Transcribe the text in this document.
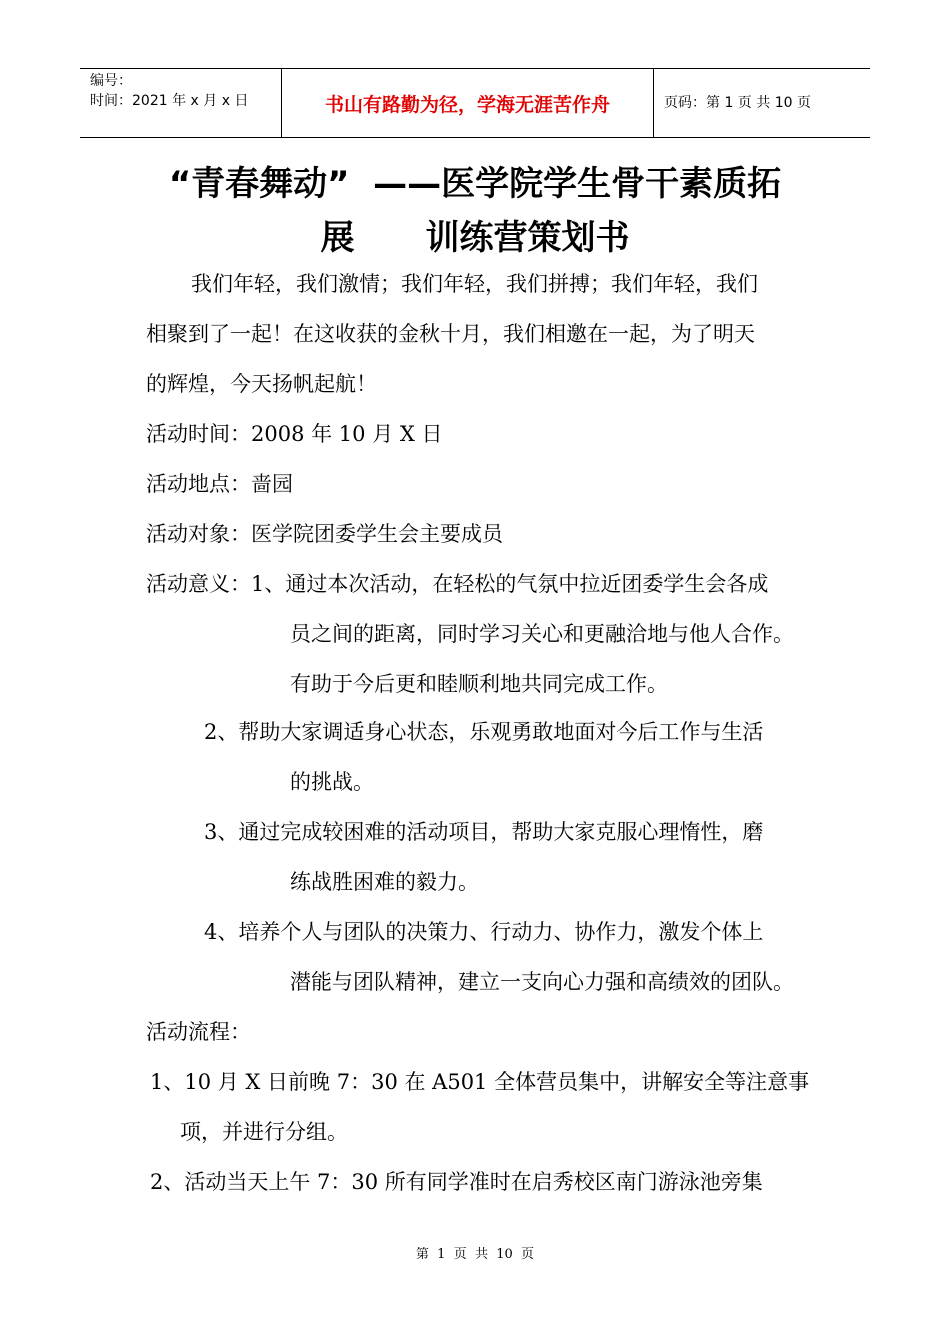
编号：
时间：2021 年 x 月 x 日	书山有路勤为径，学海无涯苦作舟	页码：第 1 页 共 10 页
“青春舞动”  ——医学院学生骨干素质拓
展      训练营策划书
我们年轻，我们激情；我们年轻，我们拼搏；我们年轻，我们
相聚到了一起！在这收获的金秋十月，我们相邀在一起，为了明天
的辉煌，今天扬帆起航！
活动时间：2008 年 10 月 X 日
活动地点：啬园
活动对象：医学院团委学生会主要成员
活动意义：1、通过本次活动，在轻松的气氛中拉近团委学生会各成
员之间的距离，同时学习关心和更融洽地与他人合作。
有助于今后更和睦顺利地共同完成工作。
2、帮助大家调适身心状态，乐观勇敢地面对今后工作与生活
的挑战。
3、通过完成较困难的活动项目，帮助大家克服心理惰性，磨
练战胜困难的毅力。
4、培养个人与团队的决策力、行动力、协作力，激发个体上
潜能与团队精神，建立一支向心力强和高绩效的团队。
活动流程：
1、10 月 X 日前晚 7：30 在 A501 全体营员集中，讲解安全等注意事
项，并进行分组。
2、活动当天上午 7：30 所有同学准时在启秀校区南门游泳池旁集
第  1  页  共  10  页
